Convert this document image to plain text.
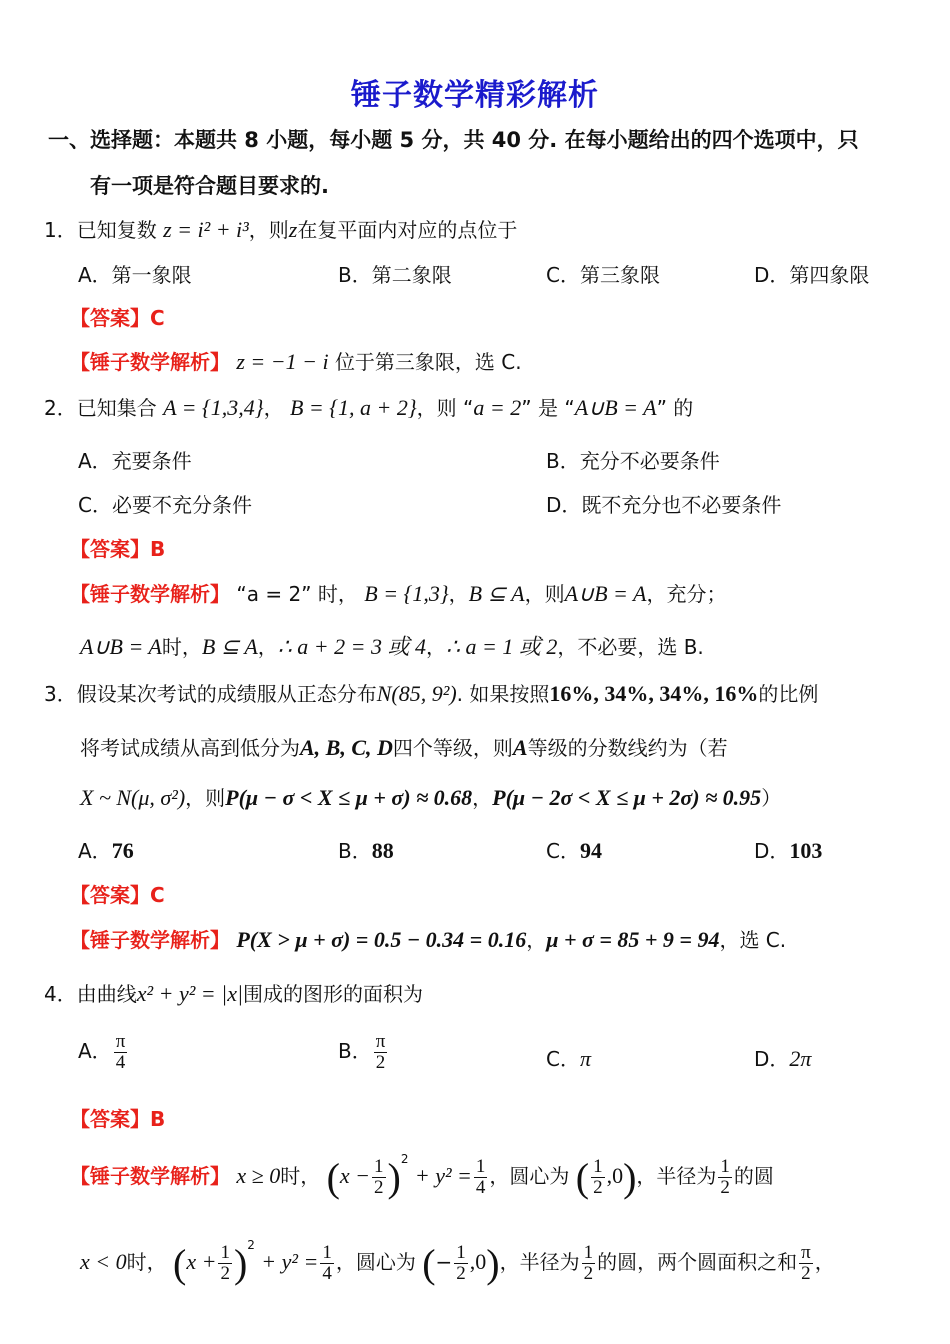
锤子数学精彩解析
一、选择题：本题共 8 小题，每小题 5 分，共 40 分. 在每小题给出的四个选项中，只
有一项是符合题目要求的.
1．已知复数 z = i² + i³，则z在复平面内对应的点位于
A．第一象限	B．第二象限	C．第三象限	D．第四象限
【答案】C
【锤子数学解析】 z = −1 − i 位于第三象限，选 C.
2．已知集合 A = {1,3,4}， B = {1, a + 2}，则 “a = 2” 是 “A∪B = A” 的
A．充要条件	B．充分不必要条件
C．必要不充分条件	D．既不充分也不必要条件
【答案】B
【锤子数学解析】 “a = 2” 时， B = {1,3}，B ⊆ A，则A∪B = A，充分；
A∪B = A时，B ⊆ A，∴ a + 2 = 3 或 4，∴ a = 1 或 2，不必要，选 B.
3．假设某次考试的成绩服从正态分布N(85, 9²). 如果按照16%, 34%, 34%, 16%的比例
将考试成绩从高到低分为A, B, C, D四个等级，则A等级的分数线约为（若
X ~ N(μ, σ²)，则P(μ − σ < X ≤ μ + σ) ≈ 0.68，P(μ − 2σ < X ≤ μ + 2σ) ≈ 0.95）
A．76	B．88	C．94	D．103
【答案】C
【锤子数学解析】 P(X > μ + σ) = 0.5 − 0.34 = 0.16，μ + σ = 85 + 9 = 94，选 C.
4．由曲线x² + y² = |x|围成的图形的面积为
A． $\frac{\pi}{4}$	B． $\frac{\pi}{2}$	C．π	D．2π
【答案】B
【锤子数学解析】 x ≥ 0时， $(x - \frac{1}{2} )^2 + y^2 = \frac{1}{4}$ ，圆心为 ( $\frac{1}{2} ,0$)，半径为 $\frac{1}{2}$ 的圆
x < 0时， $(x + \frac{1}{2} )^2 + y^2 = \frac{1}{4}$ ，圆心为 (− $\frac{1}{2} ,0$)，半径为 $\frac{1}{2}$ 的圆，两个圆面积之和 $\frac{\pi}{2}$ ，
